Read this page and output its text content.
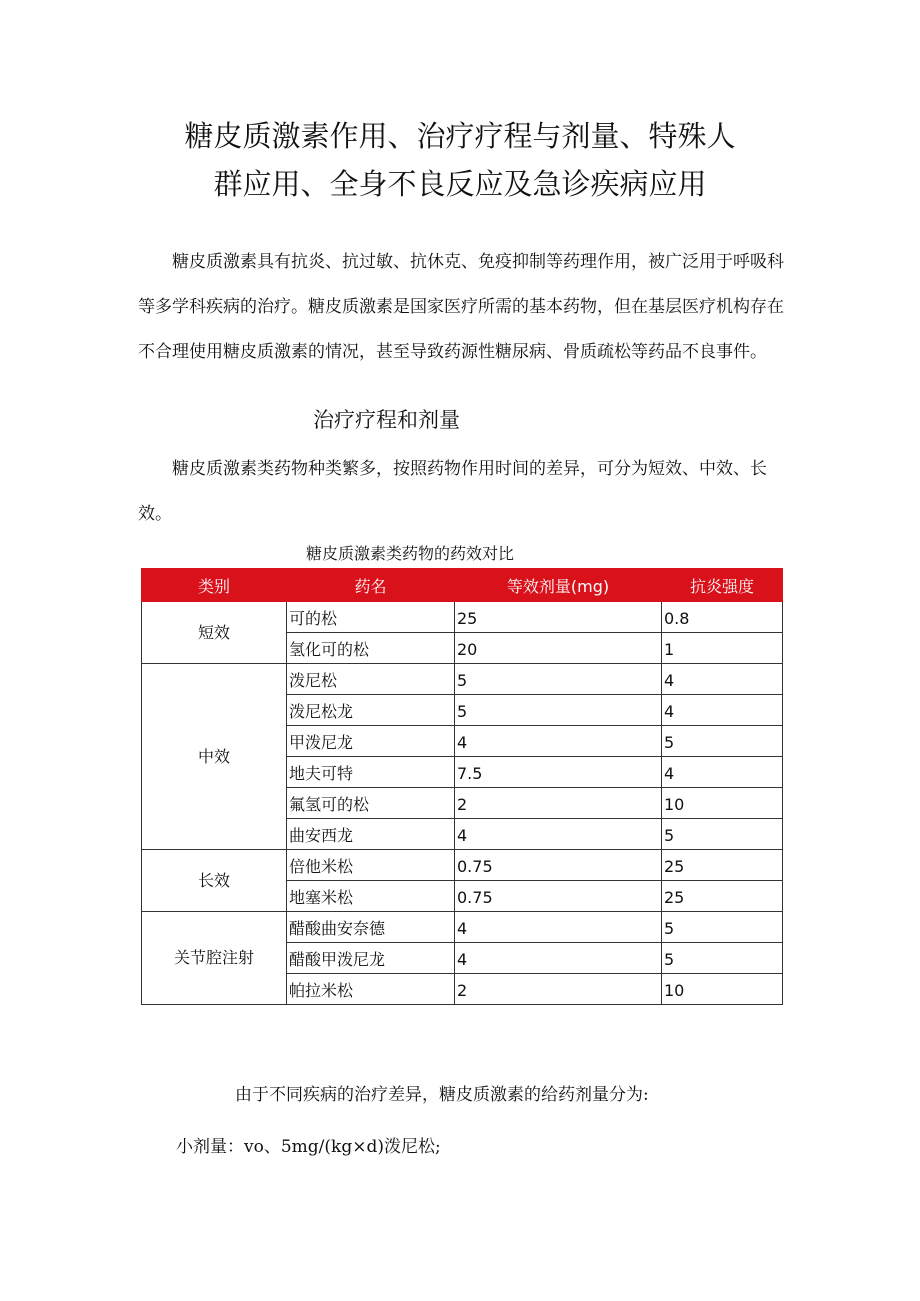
糖皮质激素作用、治疗疗程与剂量、特殊人
群应用、全身不良反应及急诊疾病应用

糖皮质激素具有抗炎、抗过敏、抗休克、免疫抑制等药理作用，被广泛用于呼吸科等多学科疾病的治疗。糖皮质激素是国家医疗所需的基本药物，但在基层医疗机构存在不合理使用糖皮质激素的情况，甚至导致药源性糖尿病、骨质疏松等药品不良事件。

治疗疗程和剂量

糖皮质激素类药物种类繁多，按照药物作用时间的差异，可分为短效、中效、长效。

糖皮质激素类药物的药效对比
类别	药名	等效剂量(mg)	抗炎强度
短效	可的松	25	0.8
	氢化可的松	20	1
中效	泼尼松	5	4
	泼尼松龙	5	4
	甲泼尼龙	4	5
	地夫可特	7.5	4
	氟氢可的松	2	10
	曲安西龙	4	5
长效	倍他米松	0.75	25
	地塞米松	0.75	25
关节腔注射	醋酸曲安奈德	4	5
	醋酸甲泼尼龙	4	5
	帕拉米松	2	10
由于不同疾病的治疗差异，糖皮质激素的给药剂量分为:
小剂量：vo、5mg/(kg×d)泼尼松;
